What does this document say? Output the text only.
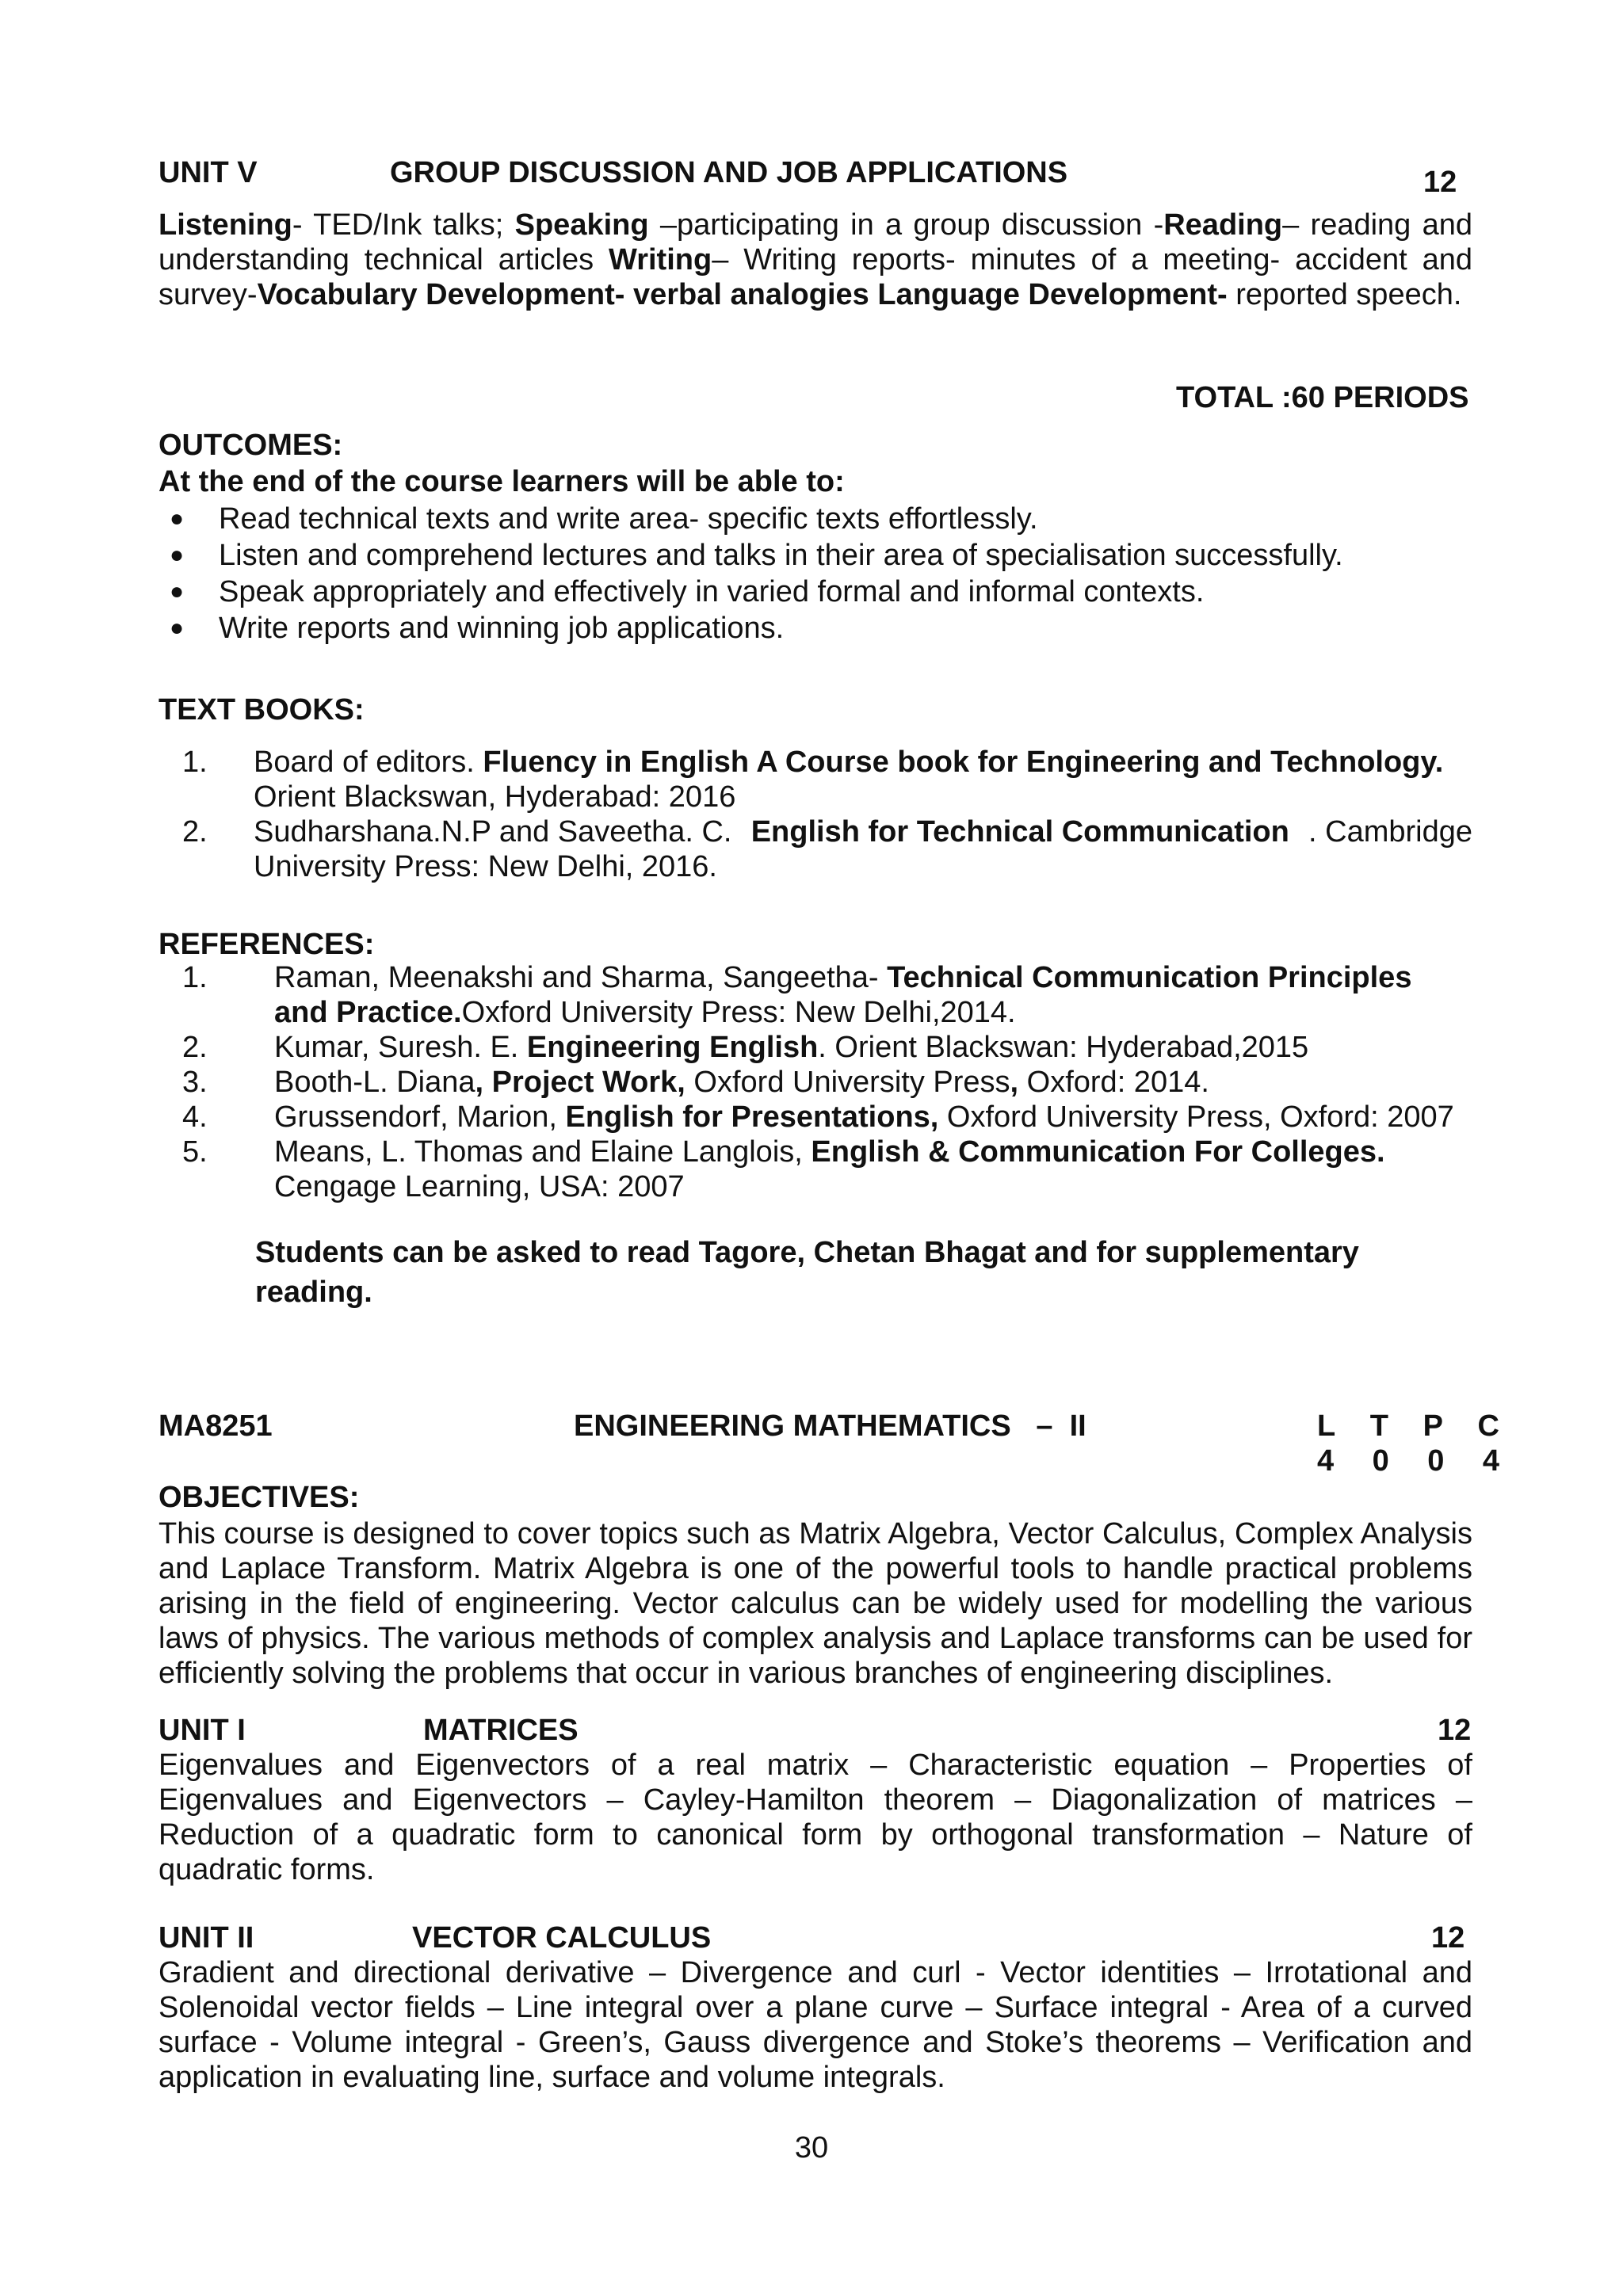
UNIT V	GROUP DISCUSSION AND JOB APPLICATIONS	12
Listening- TED/Ink talks; Speaking –participating in a group discussion -Reading– reading and understanding technical articles Writing– Writing reports- minutes of a meeting- accident and survey-Vocabulary Development- verbal analogies Language Development- reported speech.
TOTAL :60 PERIODS
OUTCOMES:
At the end of the course learners will be able to:
● Read technical texts and write area- specific texts effortlessly.
● Listen and comprehend lectures and talks in their area of specialisation successfully.
● Speak appropriately and effectively in varied formal and informal contexts.
● Write reports and winning job applications.
TEXT BOOKS:
1. Board of editors. Fluency in English A Course book for Engineering and Technology.
Orient Blackswan, Hyderabad: 2016
2. Sudharshana.N.P and Saveetha. C. English for Technical Communication . Cambridge
University Press: New Delhi, 2016.
REFERENCES:
1. Raman, Meenakshi and Sharma, Sangeetha- Technical Communication Principles
and Practice.Oxford University Press: New Delhi,2014.
2. Kumar, Suresh. E. Engineering English. Orient Blackswan: Hyderabad,2015
3. Booth-L. Diana, Project Work, Oxford University Press, Oxford: 2014.
4. Grussendorf, Marion, English for Presentations, Oxford University Press, Oxford: 2007
5. Means, L. Thomas and Elaine Langlois, English & Communication For Colleges.
Cengage Learning, USA: 2007
Students can be asked to read Tagore, Chetan Bhagat and for supplementary
reading.
MA8251	ENGINEERING MATHEMATICS   –  II	L T P C
4 0 0 4
OBJECTIVES:
This course is designed to cover topics such as Matrix Algebra, Vector Calculus, Complex Analysis and Laplace Transform. Matrix Algebra is one of the powerful tools to handle practical problems arising in the field of engineering. Vector calculus can be widely used for modelling the various laws of physics. The various methods of complex analysis and Laplace transforms can be used for efficiently solving the problems that occur in various branches of engineering disciplines.
UNIT I	MATRICES	12
Eigenvalues and Eigenvectors of a real matrix – Characteristic equation – Properties of Eigenvalues and Eigenvectors – Cayley-Hamilton theorem – Diagonalization of matrices – Reduction of a quadratic form to canonical form by orthogonal transformation – Nature of quadratic forms.
UNIT II	VECTOR CALCULUS	12
Gradient and directional derivative – Divergence and curl - Vector identities – Irrotational and Solenoidal vector fields – Line integral over a plane curve – Surface integral - Area of a curved surface - Volume integral - Green’s, Gauss divergence and Stoke’s theorems – Verification and application in evaluating line, surface and volume integrals.
30
